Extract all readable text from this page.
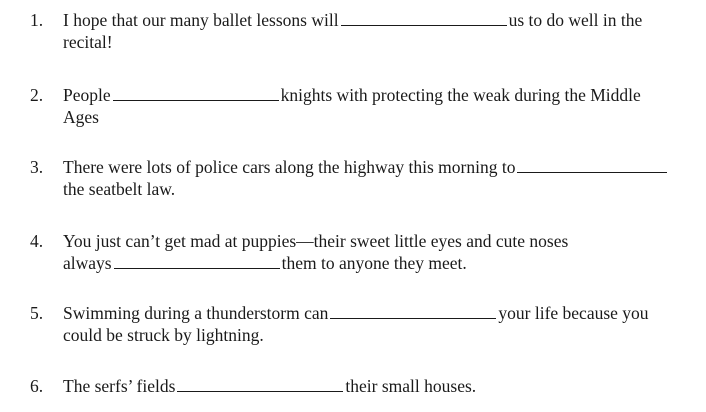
1.	I hope that our many ballet lessons will	us to do well in the
recital!
2.	People	knights with protecting the weak during the Middle
Ages
3.	There were lots of police cars along the highway this morning to
the seatbelt law.
4.	You just can’t get mad at puppies—their sweet little eyes and cute noses
always	them to anyone they meet.
5.	Swimming during a thunderstorm can	your life because you
could be struck by lightning.
6.	The serfs’ fields	their small houses.
